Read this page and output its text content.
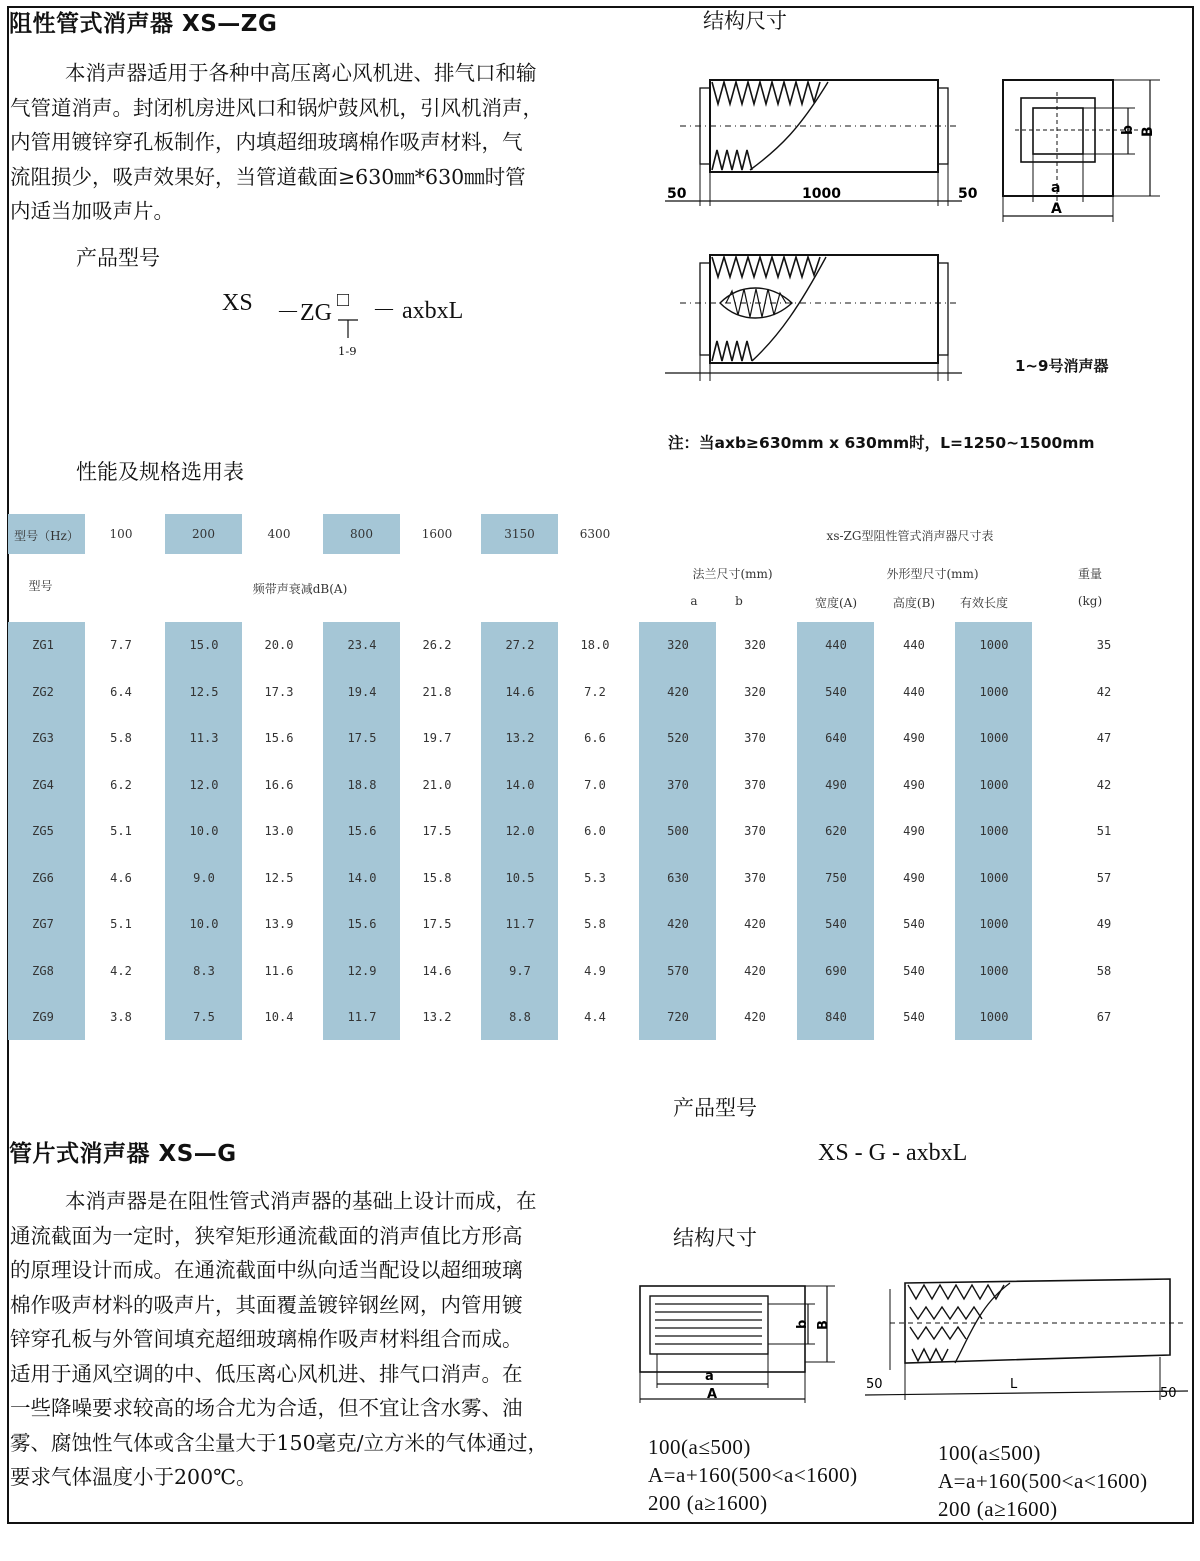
阻性管式消声器 XS—ZG
本消声器适用于各种中高压离心风机进、排气口和输
气管道消声。封闭机房进风口和锅炉鼓风机，引风机消声，
内管用镀锌穿孔板制作，内填超细玻璃棉作吸声材料，气
流阻损少，吸声效果好，当管道截面≥630㎜*630㎜时管
内适当加吸声片。
产品型号
XS －ZG □ － axbxL
1-9
结构尺寸
50	1000	50
b B
a
A
1~9号消声器
注：当axb≥630mm x 630mm时，L=1250~1500mm
性能及规格选用表
型号（Hz）	100	200	400	800	1600	3150	6300	xs-ZG型阻性管式消声器尺寸表
型号	频带声衰减dB(A)
法兰尺寸(mm)	外形型尺寸(mm)	重量
a	b	宽度(A)	高度(B)	有效长度	(kg)
ZG1	7.7	15.0	20.0	23.4	26.2	27.2	18.0	320	320	440	440	1000	35
ZG2	6.4	12.5	17.3	19.4	21.8	14.6	7.2	420	320	540	440	1000	42
ZG3	5.8	11.3	15.6	17.5	19.7	13.2	6.6	520	370	640	490	1000	47
ZG4	6.2	12.0	16.6	18.8	21.0	14.0	7.0	370	370	490	490	1000	42
ZG5	5.1	10.0	13.0	15.6	17.5	12.0	6.0	500	370	620	490	1000	51
ZG6	4.6	9.0	12.5	14.0	15.8	10.5	5.3	630	370	750	490	1000	57
ZG7	5.1	10.0	13.9	15.6	17.5	11.7	5.8	420	420	540	540	1000	49
ZG8	4.2	8.3	11.6	12.9	14.6	9.7	4.9	570	420	690	540	1000	58
ZG9	3.8	7.5	10.4	11.7	13.2	8.8	4.4	720	420	840	540	1000	67
产品型号
管片式消声器 XS—G	XS - G - axbxL
本消声器是在阻性管式消声器的基础上设计而成，在
通流截面为一定时，狭窄矩形通流截面的消声值比方形高
的原理设计而成。在通流截面中纵向适当配设以超细玻璃
棉作吸声材料的吸声片，其面覆盖镀锌钢丝网，内管用镀
锌穿孔板与外管间填充超细玻璃棉作吸声材料组合而成。
适用于通风空调的中、低压离心风机进、排气口消声。在
一些降噪要求较高的场合尤为合适，但不宜让含水雾、油
雾、腐蚀性气体或含尘量大于150毫克/立方米的气体通过，
要求气体温度小于200℃。
结构尺寸
b B
a
A
50	L
50
100(a≤500)
A=a+160(500<a<1600)
200 (a≥1600)
100(a≤500)
A=a+160(500<a<1600)
200 (a≥1600)
